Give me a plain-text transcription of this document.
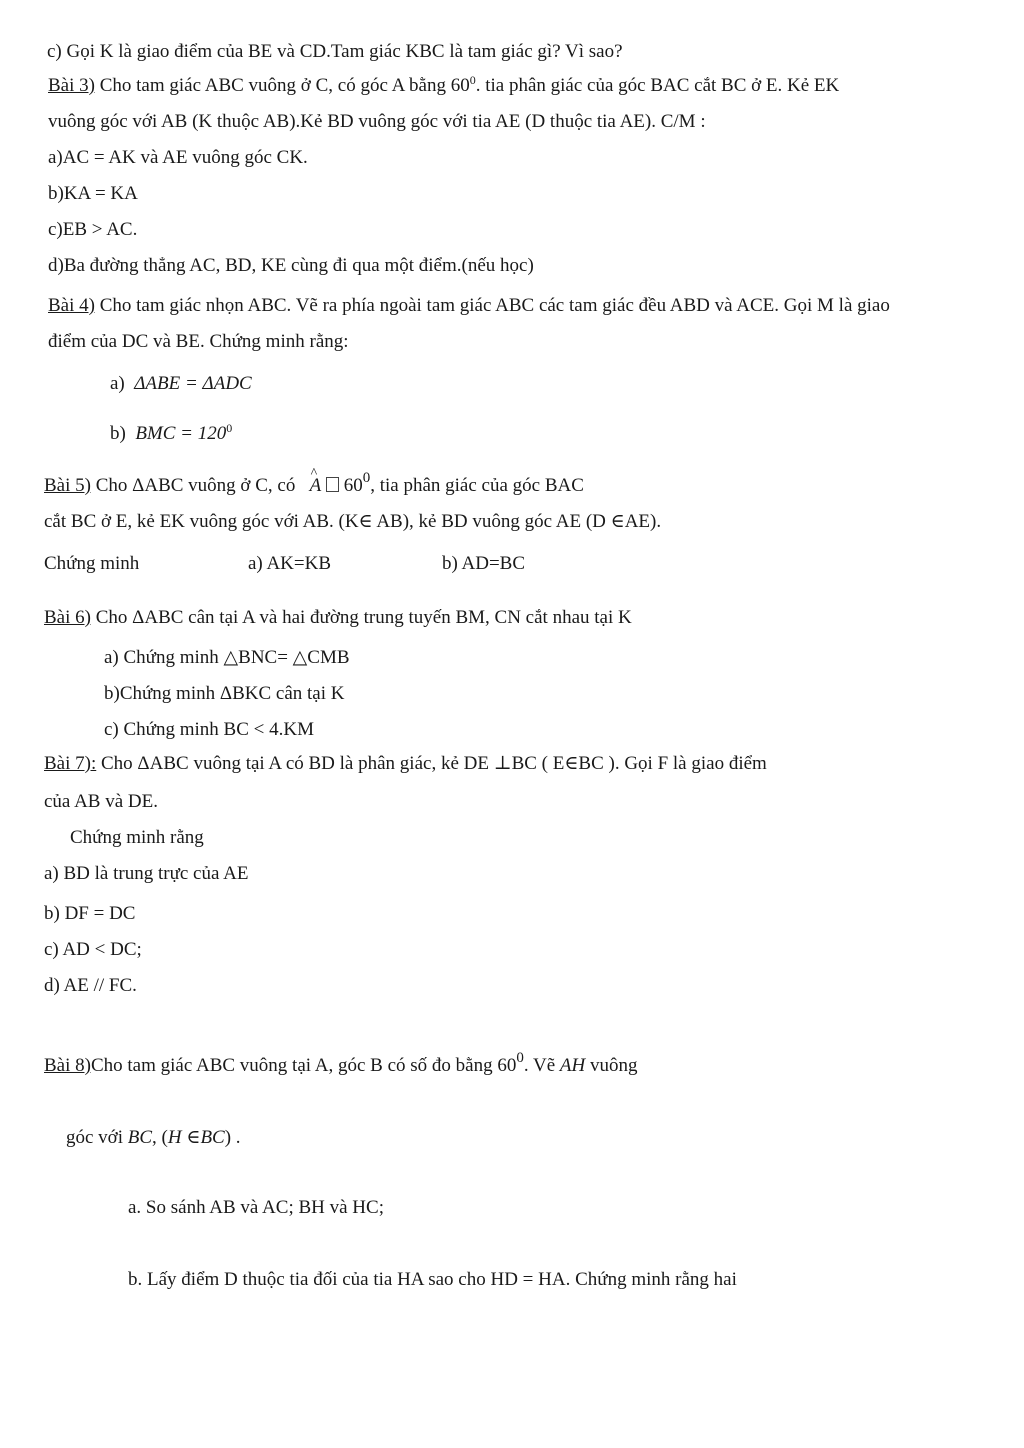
c) Gọi K là giao điểm của BE và CD.Tam giác KBC là tam giác gì? Vì sao?
Bài 3) Cho tam giác ABC vuông ở C, có góc A bằng $60^0$. tia phân giác của góc BAC cắt BC ở E. Kẻ EK
vuông góc với AB (K thuộc AB).Kẻ BD vuông góc với tia AE (D thuộc tia AE). C/M :
a)AC = AK và AE vuông góc CK.
b)KA = KA
c)EB > AC.
d)Ba đường thẳng AC, BD, KE cùng đi qua một điểm.(nếu học)
Bài 4) Cho tam giác nhọn ABC. Vẽ ra phía ngoài tam giác ABC các tam giác đều ABD và ACE. Gọi M là giao
điểm của DC và BE. Chứng minh rằng:
a) ΔABE = ΔADC
b) BMC = $120^0$
Bài 5) Cho ΔABC vuông ở C, có   ^ A $60^0$, tia phân giác của góc BAC
cắt BC ở E, kẻ EK vuông góc với AB. (K∈ AB), kẻ BD vuông góc AE (D ∈AE).
Chứng minh	a) AK=KB	b) AD=BC
Bài 6) Cho ΔABC cân tại A và hai đường trung tuyến BM, CN cắt nhau tại K
a) Chứng minh △BNC= △CMB
b)Chứng minh ΔBKC cân tại K
c) Chứng minh BC < 4.KM
Bài 7): Cho ΔABC vuông tại A có BD là phân giác, kẻ DE ⊥BC ( E∈BC ). Gọi F là giao điểm
của AB và DE.
Chứng minh rằng
a) BD là trung trực của AE
b) DF = DC
c) AD < DC;
d) AE // FC.
Bài 8)Cho tam giác ABC vuông tại A, góc B có số đo bằng $60^0$. Vẽ AH vuông
góc với BC, (H ∈BC) .
a. So sánh AB và AC; BH và HC;
b. Lấy điểm D thuộc tia đối của tia HA sao cho HD = HA. Chứng minh rằng hai
